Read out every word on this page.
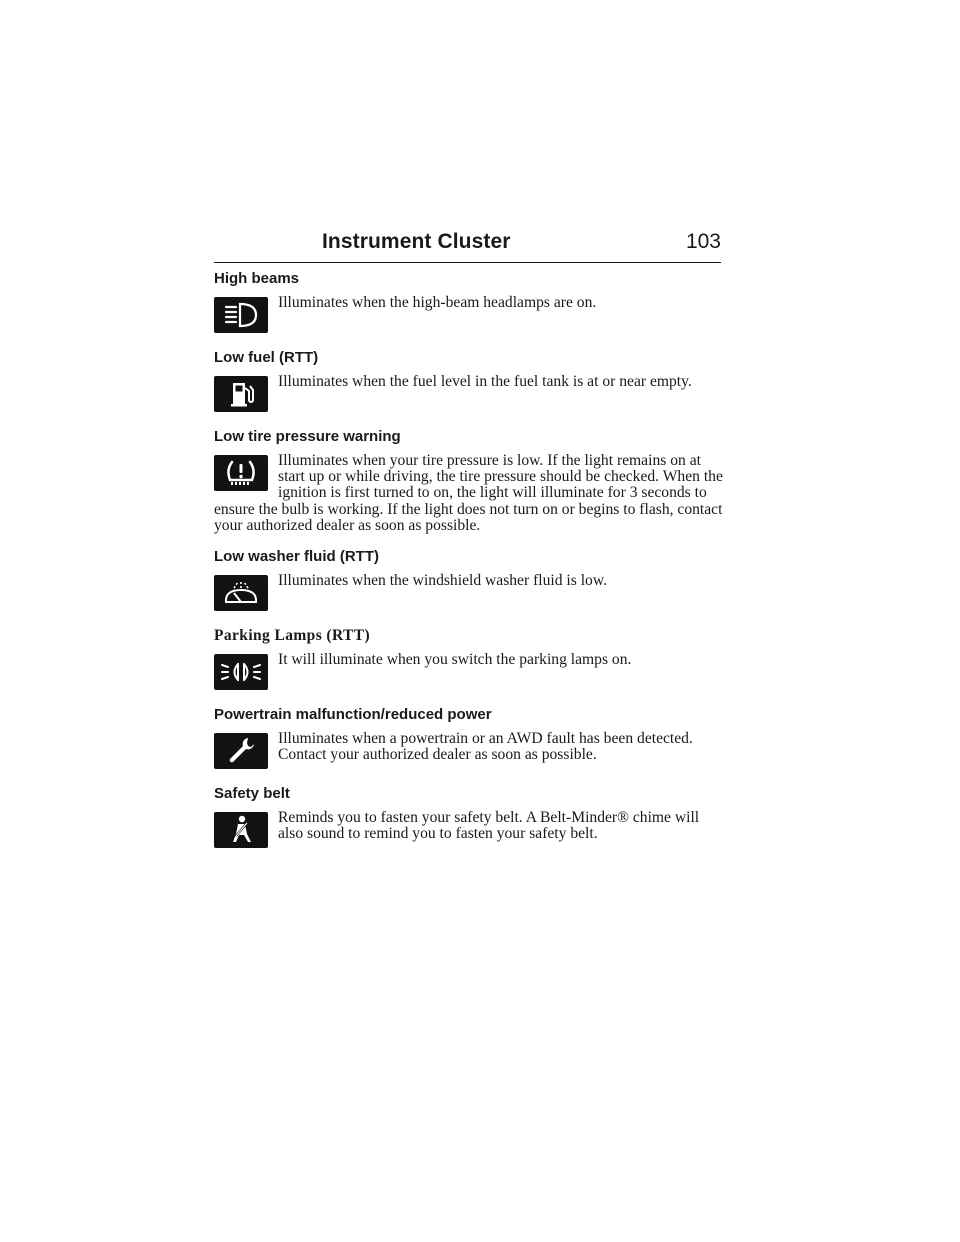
Instrument Cluster	103
High beams

Illuminates when the high-beam headlamps are on.

Low fuel (RTT)

Illuminates when the fuel level in the fuel tank is at or near empty.

Low tire pressure warning

Illuminates when your tire pressure is low. If the light remains on at start up or while driving, the tire pressure should be checked. When the ignition is first turned to on, the light will illuminate for 3 seconds to ensure the bulb is working. If the light does not turn on or begins to flash, contact your authorized dealer as soon as possible.

Low washer fluid (RTT)

Illuminates when the windshield washer fluid is low.

Parking Lamps (RTT)

It will illuminate when you switch the parking lamps on.

Powertrain malfunction/reduced power

Illuminates when a powertrain or an AWD fault has been detected. Contact your authorized dealer as soon as possible.

Safety belt

Reminds you to fasten your safety belt. A Belt-Minder® chime will also sound to remind you to fasten your safety belt.
